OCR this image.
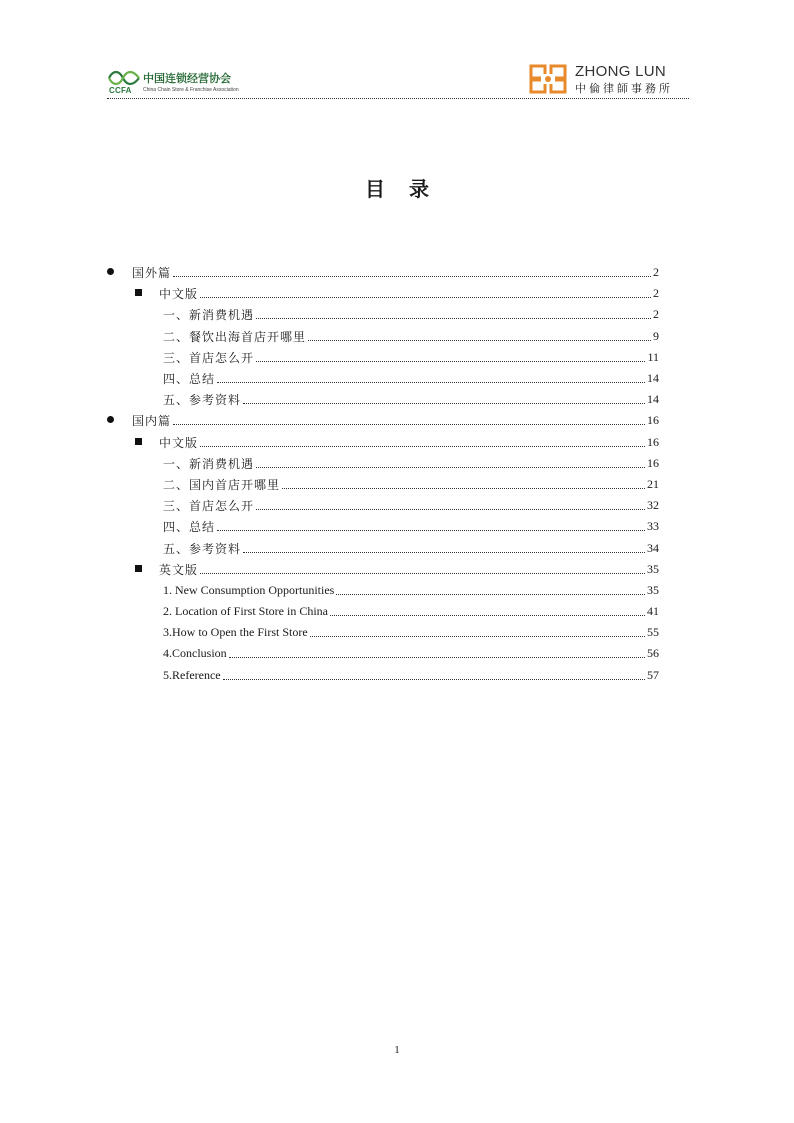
CCFA
中国连锁经营协会
China Chain Store & Franchise Association
ZHONG LUN
中倫律師事務所
目录
国外篇	2
中文版	2
一、新消费机遇	2
二、餐饮出海首店开哪里	9
三、首店怎么开	11
四、总结	14
五、参考资料	14
国内篇	16
中文版	16
一、新消费机遇	16
二、国内首店开哪里	21
三、首店怎么开	32
四、总结	33
五、参考资料	34
英文版	35
1. New Consumption Opportunities	35
2. Location of First Store in China	41
3.How to Open the First Store	55
4.Conclusion	56
5.Reference	57
1
